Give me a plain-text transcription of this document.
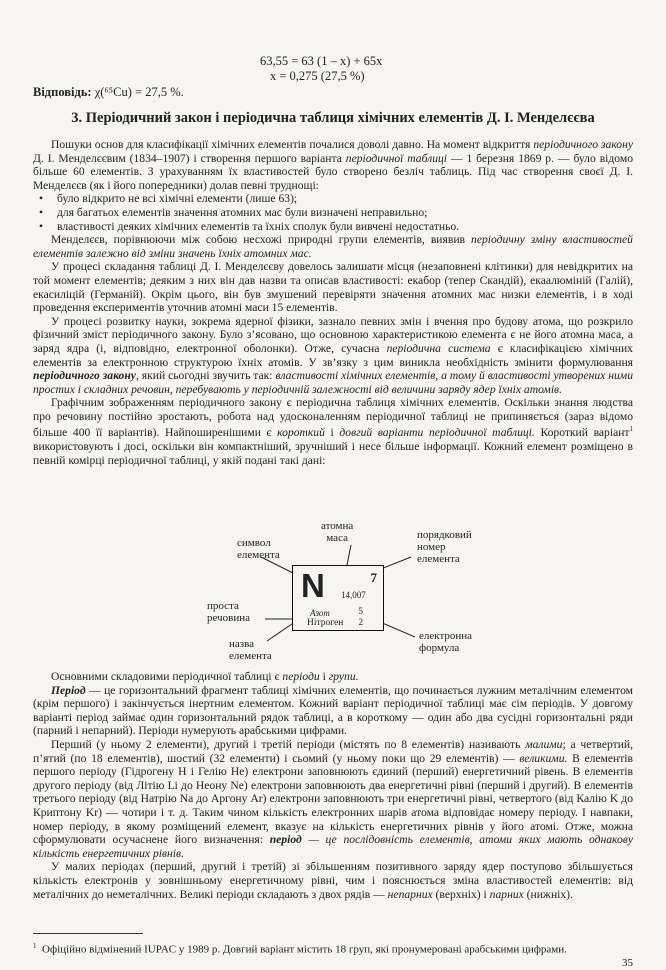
63,55 = 63 (1 – x) + 65x
x = 0,275 (27,5 %)
Відповідь: χ(⁶⁵Cu) = 27,5 %.
3. Періодичний закон і періодична таблиця хімічних елементів Д. І. Менделєєва

Пошуки основ для класифікації хімічних елементів почалися доволі давно. На момент відкриття періодичного закону Д. І. Менделєєвим (1834–1907) і створення першого варіанта періодичної таблиці — 1 березня 1869 р. — було відомо більше 60 елементів. З урахуванням їх властивостей було створено безліч таблиць. Під час створення своєї Д. І. Менделєєв (як і його попередники) долав певні труднощі:

• було відкрито не всі хімічні елементи (лише 63);
• для багатьох елементів значення атомних мас були визначені неправильно;
• властивості деяких хімічних елементів та їхніх сполук були вивчені недостатньо.

Менделєєв, порівнюючи між собою несхожі природні групи елементів, виявив періодичну зміну властивостей елементів залежно від зміни значень їхніх атомних мас.

У процесі складання таблиці Д. І. Менделєєву довелось залишати місця (незаповнені клітинки) для невідкритих на той момент елементів; деяким з них він дав назви та описав властивості: екабор (тепер Скандій), екаалюміній (Галій), екасиліцій (Германій). Окрім цього, він був змушений перевіряти значення атомних мас низки елементів, і в ході проведення експериментів уточнив атомні маси 15 елементів.

У процесі розвитку науки, зокрема ядерної фізики, зазнало певних змін і вчення про будову атома, що розкрило фізичний зміст періодичного закону. Було з’ясовано, що основною характеристикою елемента є не його атомна маса, а заряд ядра (і, відповідно, електронної оболонки). Отже, сучасна періодична система є класифікацією хімічних елементів за електронною структурою їхніх атомів. У зв’язку з цим виникла необхідність змінити формулювання періодичного закону, який сьогодні звучить так: властивості хімічних елементів, а тому й властивості утворених ними простих і складних речовин, перебувають у періодичній залежності від величини заряду ядер їхніх атомів.

Графічним зображенням періодичного закону є періодична таблиця хімічних елементів. Оскільки знання людства про речовину постійно зростають, робота над удосконаленням періодичної таблиці не припиняється (зараз відомо більше 400 її варіантів). Найпоширенішими є короткий і довгий варіанти періодичної таблиці. Короткий варіант$^1$ використовують і досі, оскільки він компактніший, зручніший і несе більше інформації. Кожний елемент розміщено в певній комірці періодичної таблиці, у якій подані такі дані:

атомна
маса	порядковий
номер
елемента
символ
елемента
проста
речовина
назва
елемента
електронна
формула
N 14,007
7
Азот
Нітроген
5
2

Основними складовими періодичної таблиці є періоди і групи.

Період — це горизонтальний фрагмент таблиці хімічних елементів, що починається лужним металічним елементом (крім першого) і закінчується інертним елементом. Кожний варіант періодичної таблиці має сім періодів. У довгому варіанті період займає один горизонтальний рядок таблиці, а в короткому — один або два сусідні горизонтальні ряди (парний і непарний). Періоди нумерують арабськими цифрами.

Перший (у ньому 2 елементи), другий і третій періоди (містять по 8 елементів) називають малими; а четвертий, п’ятий (по 18 елементів), шостий (32 елементи) і сьомий (у ньому поки що 29 елементів) — великими. В елементів першого періоду (Гідрогену H і Гелію He) електрони заповнюють єдиний (перший) енергетичний рівень. В елементів другого періоду (від Літію Li до Неону Ne) електрони заповнюють два енергетичні рівні (перший і другий). В елементів третього періоду (від Натрію Na до Аргону Ar) електрони заповнюють три енергетичні рівні, четвертого (від Калію K до Криптону Kr) — чотири і т. д. Таким чином кількість електронних шарів атома відповідає номеру періоду. І навпаки, номер періоду, в якому розміщений елемент, вказує на кількість енергетичних рівнів у його атомі. Отже, можна сформулювати осучаснене його визначення: період — це послідовність елементів, атоми яких мають однакову кількість енергетичних рівнів.

У малих періодах (перший, другий і третій) зі збільшенням позитивного заряду ядер поступово збільшується кількість електронів у зовнішньому енергетичному рівні, чим і пояснюється зміна властивостей елементів: від металічних до неметалічних. Великі періоди складають з двох рядів — непарних (верхніх) і парних (нижніх).

$^1$ Офіційно відмінений IUPAC у 1989 р. Довгий варіант містить 18 груп, які пронумеровані арабськими цифрами.
35
